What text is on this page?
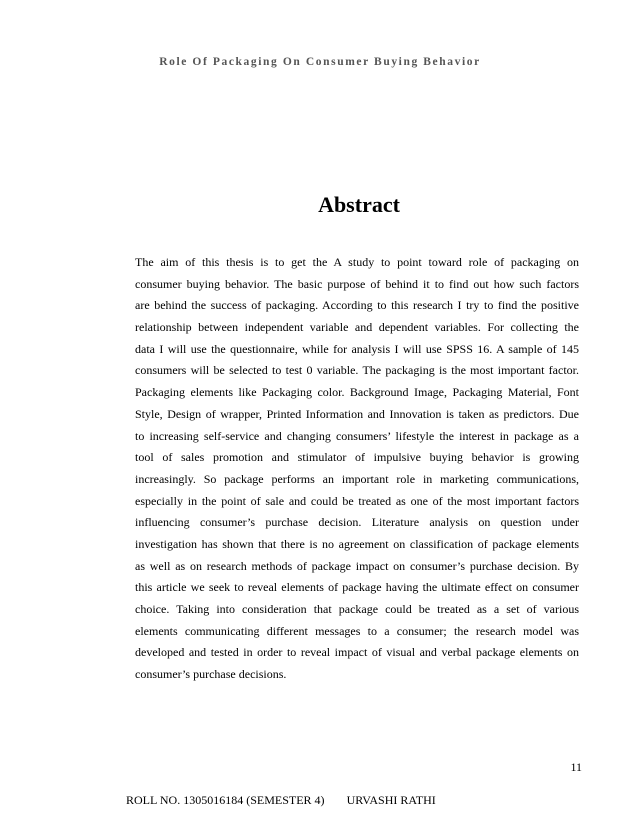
Role Of Packaging On Consumer Buying Behavior
Abstract
The aim of this thesis is to get the A study to point toward role of packaging on
consumer buying behavior. The basic purpose of behind it to find out how such factors
are behind the success of packaging. According to this research I try to find the positive
relationship between independent variable and dependent variables. For collecting the
data I will use the questionnaire, while for analysis I will use SPSS 16. A sample of 145
consumers will be selected to test 0 variable. The packaging is the most important factor.
Packaging elements like Packaging color. Background Image, Packaging Material, Font
Style, Design of wrapper, Printed Information and Innovation is taken as predictors. Due
to increasing self-service and changing consumers’ lifestyle the interest in package as a
tool of sales promotion and stimulator of impulsive buying behavior is growing
increasingly. So package performs an important role in marketing communications,
especially in the point of sale and could be treated as one of the most important factors
influencing consumer’s purchase decision. Literature analysis on question under
investigation has shown that there is no agreement on classification of package elements
as well as on research methods of package impact on consumer’s purchase decision. By
this article we seek to reveal elements of package having the ultimate effect on consumer
choice. Taking into consideration that package could be treated as a set of various
elements communicating different messages to a consumer; the research model was
developed and tested in order to reveal impact of visual and verbal package elements on
consumer’s purchase decisions.
11
ROLL NO. 1305016184 (SEMESTER 4) URVASHI RATHI
